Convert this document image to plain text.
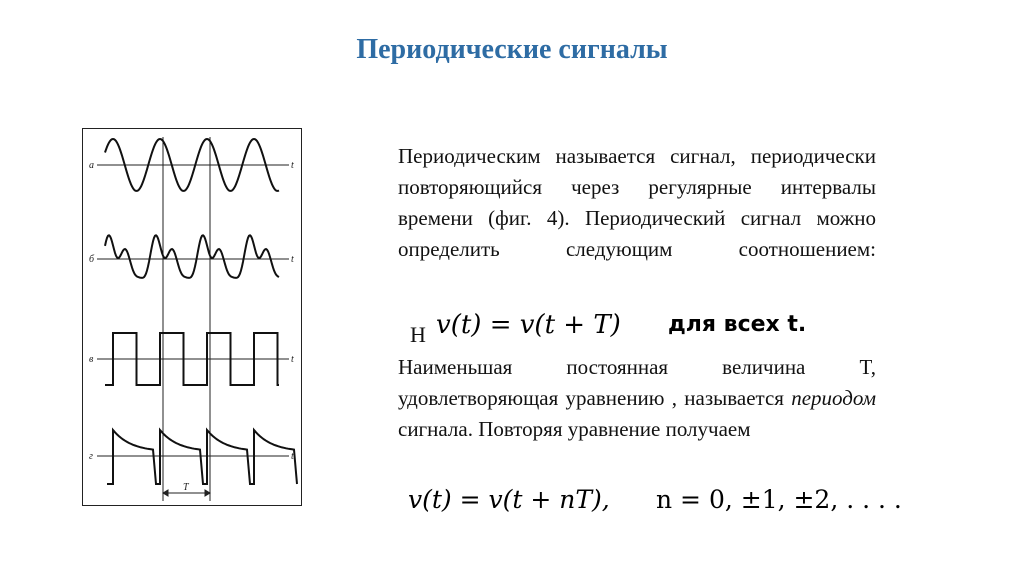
Периодические сигналы
а	t
б	t
в	t
г	t
T
Периодическим называется сигнал, периодически повторяющийся через регулярные интервалы времени (фиг. 4). Периодический сигнал можно определить следующим соотношением:
Н v(t) = v(t + T) для всех t.
Наименьшая постоянная величина T, удовлетворяющая уравнению , называется периодом сигнала. Повторяя уравнение получаем
v(t) = v(t + nT), n = 0, ±1, ±2, . . . .
